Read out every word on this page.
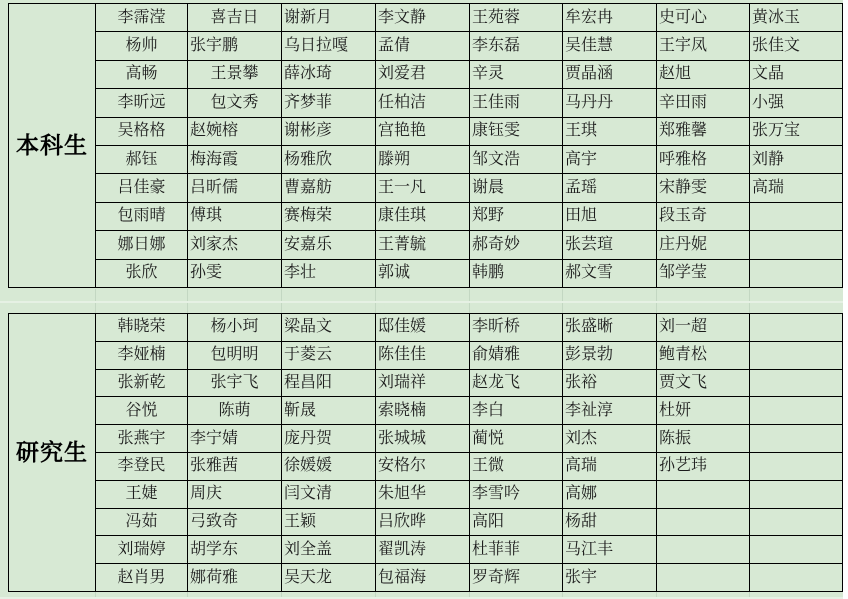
本科生	李霈滢	喜吉日	谢新月	李文静	王苑蓉	牟宏冉	史可心	黄冰玉
	杨帅	张宇鹏	乌日拉嘎	孟倩	李东磊	吴佳慧	王宇凤	张佳文
	高畅	王景攀	薛冰琦	刘爱君	辛灵	贾晶涵	赵旭	文晶
	李昕远	包文秀	齐梦菲	任柏洁	王佳雨	马丹丹	辛田雨	小强
	吴格格	赵婉榕	谢彬彦	宫艳艳	康钰雯	王琪	郑雅馨	张万宝
	郝钰	梅海霞	杨雅欣	滕朔	邹文浩	高宇	呼雅格	刘静
	吕佳豪	吕昕儒	曹嘉舫	王一凡	谢晨	孟瑶	宋静雯	高瑞
	包雨晴	傅琪	赛梅荣	康佳琪	郑野	田旭	段玉奇	
	娜日娜	刘家杰	安嘉乐	王菁毓	郝奇妙	张芸瑄	庄丹妮	
	张欣	孙雯	李壮	郭诚	韩鹏	郝文雪	邹学莹	
研究生	韩晓荣	杨小珂	梁晶文	邸佳媛	李昕桥	张盛晰	刘一超	
	李娅楠	包明明	于菱云	陈佳佳	俞婧雅	彭景勃	鲍青松	
	张新乾	张宇飞	程昌阳	刘瑞祥	赵龙飞	张裕	贾文飞	
	谷悦	陈萌	靳晟	索晓楠	李白	李祉淳	杜妍	
	张燕宇	李宁婧	庞丹贺	张城城	蔺悦	刘杰	陈振	
	李登民	张雅茜	徐媛媛	安格尔	王微	高瑞	孙艺玮	
	王婕	周庆	闫文清	朱旭华	李雪吟	高娜		
	冯茹	弓致奇	王颖	吕欣晔	高阳	杨甜		
	刘瑞婷	胡学东	刘全盖	翟凯涛	杜菲菲	马江丰		
	赵肖男	娜荷雅	吴天龙	包福海	罗奇辉	张宇		
